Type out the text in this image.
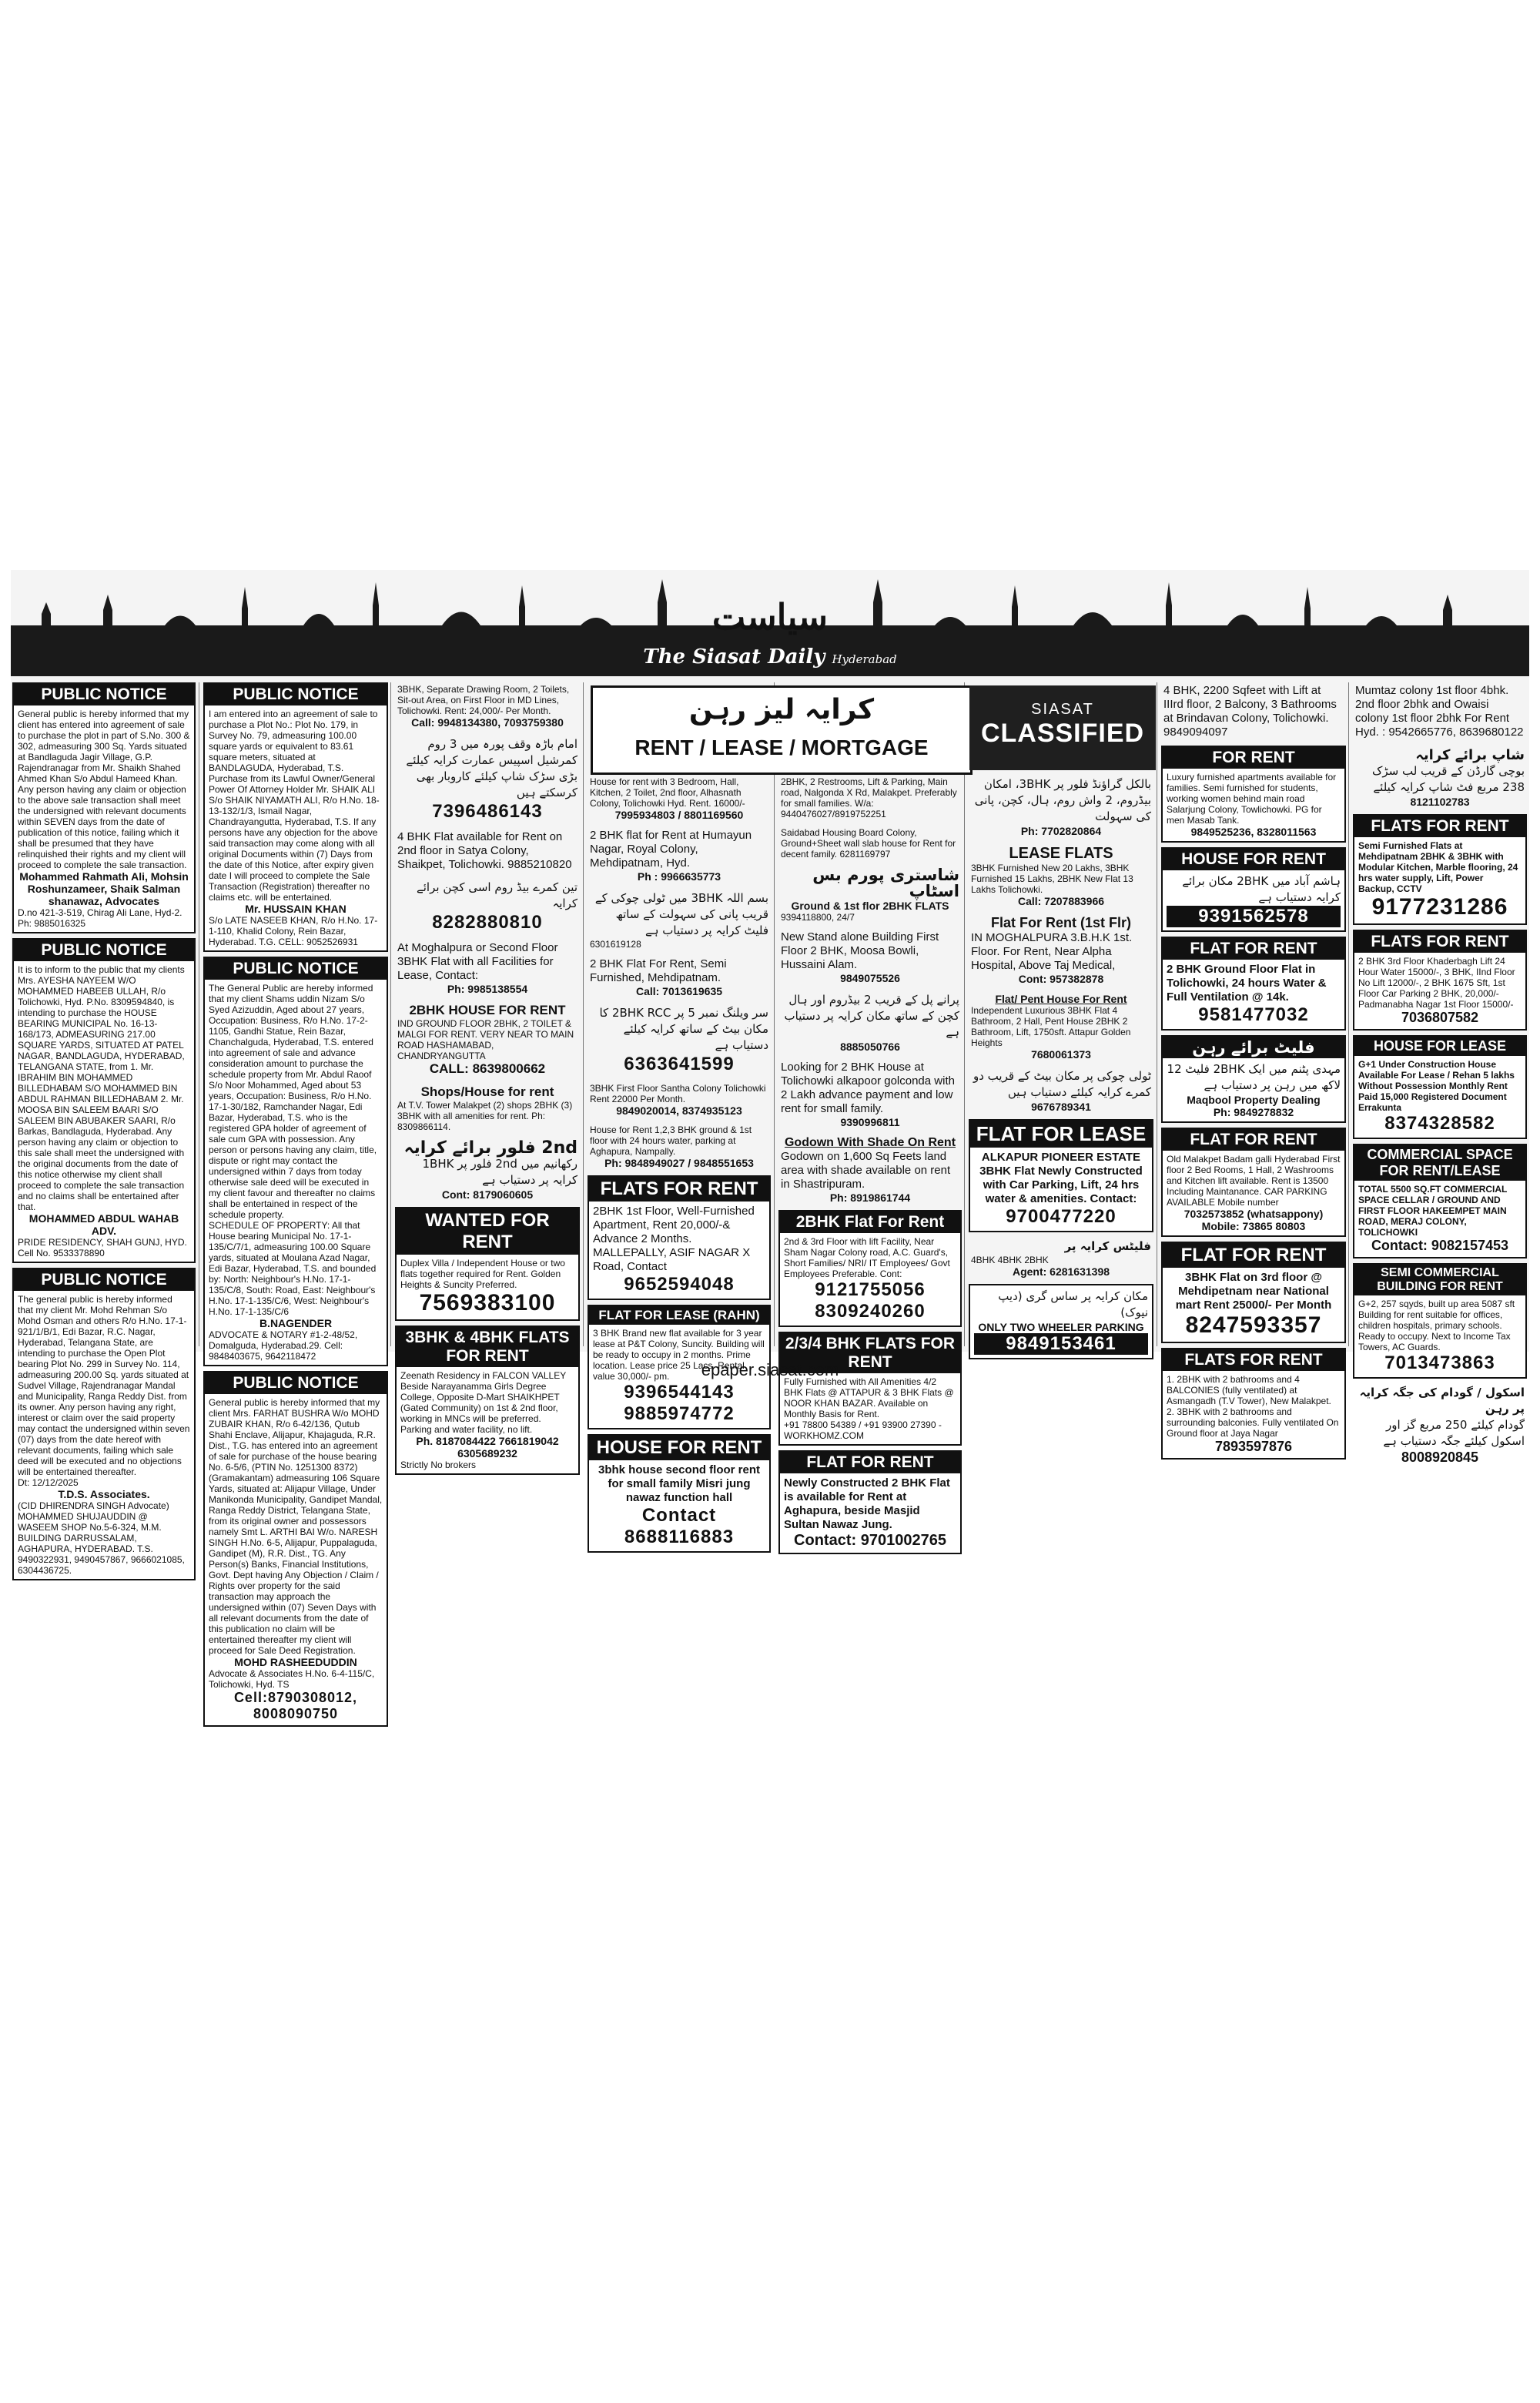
سیاست
The Siasat Daily Hyderabad
PUBLIC NOTICE
General public is hereby informed that my client has entered into agreement of sale to purchase the plot in part of S.No. 300 & 302, admeasuring 300 Sq. Yards situated at Bandlaguda Jagir Village, G.P. Rajendranagar from Mr. Shaikh Shahed Ahmed Khan S/o Abdul Hameed Khan. Any person having any claim or objection to the above sale transaction shall meet the undersigned with relevant documents within SEVEN days from the date of publication of this notice, failing which it shall be presumed that they have relinquished their rights and my client will proceed to complete the sale transaction.
Mohammed Rahmath Ali, Mohsin Roshunzameer, Shaik Salman shanawaz, Advocates
D.no 421-3-519, Chirag Ali Lane, Hyd-2. Ph: 9885016325
PUBLIC NOTICE
It is to inform to the public that my clients Mrs. AYESHA NAYEEM W/O MOHAMMED HABEEB ULLAH, R/o Tolichowki, Hyd. P.No. 8309594840, is intending to purchase the HOUSE BEARING MUNICIPAL No. 16-13-168/173, ADMEASURING 217.00 SQUARE YARDS, SITUATED AT PATEL NAGAR, BANDLAGUDA, HYDERABAD, TELANGANA STATE, from 1. Mr. IBRAHIM BIN MOHAMMED BILLEDHABAM S/O MOHAMMED BIN ABDUL RAHMAN BILLEDHABAM 2. Mr. MOOSA BIN SALEEM BAARI S/O SALEEM BIN ABUBAKER SAARI, R/o Barkas, Bandlaguda, Hyderabad. Any person having any claim or objection to this sale shall meet the undersigned with the original documents from the date of this notice otherwise my client shall proceed to complete the sale transaction and no claims shall be entertained after that.
MOHAMMED ABDUL WAHAB ADV.
PRIDE RESIDENCY, SHAH GUNJ, HYD. Cell No. 9533378890
PUBLIC NOTICE
The general public is hereby informed that my client Mr. Mohd Rehman S/o Mohd Osman and others R/o H.No. 17-1-921/1/B/1, Edi Bazar, R.C. Nagar, Hyderabad, Telangana State, are intending to purchase the Open Plot bearing Plot No. 299 in Survey No. 114, admeasuring 200.00 Sq. yards situated at Sudvel Village, Rajendranagar Mandal and Municipality, Ranga Reddy Dist. from its owner. Any person having any right, interest or claim over the said property may contact the undersigned within seven (07) days from the date hereof with relevant documents, failing which sale deed will be executed and no objections will be entertained thereafter.
Dt: 12/12/2025
T.D.S. Associates.
(CID DHIRENDRA SINGH Advocate) MOHAMMED SHUJAUDDIN @ WASEEM SHOP No.5-6-324, M.M. BUILDING DARRUSSALAM, AGHAPURA, HYDERABAD. T.S. 9490322931, 9490457867, 9666021085, 6304436725.
PUBLIC NOTICE
I am entered into an agreement of sale to purchase a Plot No.: Plot No. 179, in Survey No. 79, admeasuring 100.00 square yards or equivalent to 83.61 square meters, situated at BANDLAGUDA, Hyderabad, T.S. Purchase from its Lawful Owner/General Power Of Attorney Holder Mr. SHAIK ALI S/o SHAIK NIYAMATH ALI, R/o H.No. 18-13-132/1/3, Ismail Nagar, Chandrayangutta, Hyderabad, T.S. If any persons have any objection for the above said transaction may come along with all original Documents within (7) Days from the date of this Notice, after expiry given date I will proceed to complete the Sale Transaction (Registration) thereafter no claims etc. will be entertained.
Mr. HUSSAIN KHAN
S/o LATE NASEEB KHAN, R/o H.No. 17-1-110, Khalid Colony, Rein Bazar, Hyderabad. T.G. CELL: 9052526931
PUBLIC NOTICE
The General Public are hereby informed that my client Shams uddin Nizam S/o Syed Azizuddin, Aged about 27 years, Occupation: Business, R/o H.No. 17-2-1105, Gandhi Statue, Rein Bazar, Chanchalguda, Hyderabad, T.S. entered into agreement of sale and advance consideration amount to purchase the schedule property from Mr. Abdul Raoof S/o Noor Mohammed, Aged about 53 years, Occupation: Business, R/o H.No. 17-1-30/182, Ramchander Nagar, Edi Bazar, Hyderabad, T.S. who is the registered GPA holder of agreement of sale cum GPA with possession. Any person or persons having any claim, title, dispute or right may contact the undersigned within 7 days from today otherwise sale deed will be executed in my client favour and thereafter no claims shall be entertained in respect of the schedule property.
SCHEDULE OF PROPERTY: All that House bearing Municipal No. 17-1-135/C/7/1, admeasuring 100.00 Square yards, situated at Moulana Azad Nagar, Edi Bazar, Hyderabad, T.S. and bounded by: North: Neighbour's H.No. 17-1-135/C/8, South: Road, East: Neighbour's H.No. 17-1-135/C/6, West: Neighbour's H.No. 17-1-135/C/6
B.NAGENDER
ADVOCATE & NOTARY #1-2-48/52, Domalguda, Hyderabad.29. Cell: 9848403675, 9642118472
PUBLIC NOTICE
General public is hereby informed that my client Mrs. FARHAT BUSHRA W/o MOHD ZUBAIR KHAN, R/o 6-42/136, Qutub Shahi Enclave, Alijapur, Khajaguda, R.R. Dist., T.G. has entered into an agreement of sale for purchase of the house bearing No. 6-5/6, (PTIN No. 1251300 8372) (Gramakantam) admeasuring 106 Square Yards, situated at: Alijapur Village, Under Manikonda Municipality, Gandipet Mandal, Ranga Reddy District, Telangana State, from its original owner and possessors namely Smt L. ARTHI BAI W/o. NARESH SINGH H.No. 6-5, Alijapur, Puppalaguda, Gandipet (M), R.R. Dist., TG. Any Person(s) Banks, Financial Institutions, Govt. Dept having Any Objection / Claim / Rights over property for the said transaction may approach the undersigned within (07) Seven Days with all relevant documents from the date of this publication no claim will be entertained thereafter my client will proceed for Sale Deed Registration.
MOHD RASHEEDUDDIN
Advocate & Associates H.No. 6-4-115/C, Tolichowki, Hyd. TS
Cell:8790308012, 8008090750
3BHK, Separate Drawing Room, 2 Toilets, Sit-out Area, on First Floor in MD Lines, Tolichowki. Rent: 24,000/- Per Month.
Call: 9948134380, 7093759380
امام باڑہ وقف پورہ میں 3 روم کمرشیل اسپیس عمارت کرایہ کیلئے بڑی سڑک شاپ کیلئے کاروبار بھی کرسکتے ہیں
7396486143
4 BHK Flat available for Rent on 2nd floor in Satya Colony, Shaikpet, Tolichowki. 9885210820
تین کمرے بیڈ روم اسی کچن برائے کرایہ
8282880810
At Moghalpura or Second Floor 3BHK Flat with all Facilities for Lease, Contact:
Ph: 9985138554
2BHK HOUSE FOR RENT
IND GROUND FLOOR 2BHK, 2 TOILET & MALGI FOR RENT. VERY NEAR TO MAIN ROAD HASHAMABAD, CHANDRYANGUTTA
CALL: 8639800662
Shops/House for rent
At T.V. Tower Malakpet (2) shops 2BHK (3) 3BHK with all amenities for rent. Ph: 8309866114.
2nd فلور برائے کرایہ
رکھانیم میں 2nd فلور پر 1BHK کرایہ پر دستیاب ہے
Cont: 8179060605
WANTED FOR RENT
Duplex Villa / Independent House or two flats together required for Rent. Golden Heights & Suncity Preferred.
7569383100
3BHK & 4BHK FLATS FOR RENT
Zeenath Residency in FALCON VALLEY Beside Narayanamma Girls Degree College, Opposite D-Mart SHAIKHPET (Gated Community) on 1st & 2nd floor, working in MNCs will be preferred. Parking and water facility, no lift.
Ph. 8187084422 7661819042 6305689232
Strictly No brokers
کرایہ لیز رہن
RENT / LEASE / MORTGAGE
SIASAT
CLASSIFIED
House for rent with 3 Bedroom, Hall, Kitchen, 2 Toilet, 2nd floor, Alhasnath Colony, Tolichowki Hyd. Rent. 16000/-
7995934803 / 8801169560
2 BHK flat for Rent at Humayun Nagar, Royal Colony, Mehdipatnam, Hyd.
Ph : 9966635773
بسم اللہ 3BHK میں ٹولی چوکی کے قریب پانی کی سہولت کے ساتھ فلیٹ کرایہ پر دستیاب ہے
6301619128
2 BHK Flat For Rent, Semi Furnished, Mehdipatnam.
Call: 7013619635
سر ویلنگ نمبر 5 پر 2BHK RCC کا مکان بیٹ کے ساتھ کرایہ کیلئے دستیاب ہے
6363641599
3BHK First Floor Santha Colony Tolichowki Rent 22000 Per Month.
9849020014, 8374935123
House for Rent 1,2,3 BHK ground & 1st floor with 24 hours water, parking at Aghapura, Nampally.
Ph: 9848949027 / 9848551653
FLATS FOR RENT
2BHK 1st Floor, Well-Furnished Apartment, Rent 20,000/-& Advance 2 Months. MALLEPALLY, ASIF NAGAR X Road, Contact
9652594048
FLAT FOR LEASE (RAHN)
3 BHK Brand new flat available for 3 year lease at P&T Colony, Suncity. Building will be ready to occupy in 2 months. Prime location. Lease price 25 Lacs. Rental value 30,000/- pm.
9396544143 9885974772
HOUSE FOR RENT
3bhk house second floor rent for small family Misri jung nawaz function hall
Contact 8688116883
2BHK, 2 Restrooms, Lift & Parking, Main road, Nalgonda X Rd, Malakpet. Preferably for small families. W/a: 9440476027/8919752251
Saidabad Housing Board Colony, Ground+Sheet wall slab house for Rent for decent family. 6281169797
شاستری پورم بس اسٹاپ
Ground & 1st flor 2BHK FLATS
9394118800, 24/7
New Stand alone Building First Floor 2 BHK, Moosa Bowli, Hussaini Alam.
9849075526
پرانے پل کے قریب 2 بیڈروم اور ہال کچن کے ساتھ مکان کرایہ پر دستیاب ہے
8885050766
Looking for 2 BHK House at Tolichowki alkapoor golconda with 2 Lakh advance payment and low rent for small family.
9390996811
Godown With Shade On Rent
Godown on 1,600 Sq Feets land area with shade available on rent in Shastripuram.
Ph: 8919861744
2BHK Flat For Rent
2nd & 3rd Floor with lift Facility, Near Sham Nagar Colony road, A.C. Guard's, Short Families/ NRI/ IT Employees/ Govt Employees Preferable. Cont:
9121755056 8309240260
2/3/4 BHK FLATS FOR RENT
Fully Furnished with All Amenities 4/2 BHK Flats @ ATTAPUR & 3 BHK Flats @ NOOR KHAN BAZAR. Available on Monthly Basis for Rent.
+91 78800 54389 / +91 93900 27390 - WORKHOMZ.COM
FLAT FOR RENT
Newly Constructed 2 BHK Flat is available for Rent at Aghapura, beside Masjid Sultan Nawaz Jung.
Contact: 9701002765
بالکل گراؤنڈ فلور پر 3BHK، امکان بیڈروم، 2 واش روم، ہال، کچن، پانی کی سہولت
Ph: 7702820864
LEASE FLATS
3BHK Furnished New 20 Lakhs, 3BHK Furnished 15 Lakhs, 2BHK New Flat 13 Lakhs Tolichowki.
Call: 7207883966
Flat For Rent (1st Flr)
IN MOGHALPURA 3.B.H.K 1st. Floor. For Rent, Near Alpha Hospital, Above Taj Medical,
Cont: 957382878
Flat/ Pent House For Rent
Independent Luxurious 3BHK Flat 4 Bathroom, 2 Hall, Pent House 2BHK 2 Bathroom, Lift, 1750sft. Attapur Golden Heights
7680061373
ٹولی چوکی پر مکان بیٹ کے قریب دو کمرے کرایہ کیلئے دستیاب ہیں
9676789341
FLAT FOR LEASE
ALKAPUR PIONEER ESTATE 3BHK Flat Newly Constructed with Car Parking, Lift, 24 hrs water & amenities. Contact:
9700477220
فلیٹس کرایہ پر
4BHK 4BHK 2BHK
Agent: 6281631398
مکان کرایہ پر ساس گری (دیپ نیوک)
ONLY TWO WHEELER PARKING
9849153461
4 BHK, 2200 Sqfeet with Lift at IIIrd floor, 2 Balcony, 3 Bathrooms at Brindavan Colony, Tolichowki. 9849094097
FOR RENT
Luxury furnished apartments available for families. Semi furnished for students, working women behind main road Salarjung Colony, Towlichowki. PG for men Masab Tank.
9849525236, 8328011563
HOUSE FOR RENT
ہاشم آباد میں 2BHK مکان برائے کرایہ دستیاب ہے
9391562578
FLAT FOR RENT
2 BHK Ground Floor Flat in Tolichowki, 24 hours Water & Full Ventilation @ 14k.
9581477032
فلیٹ برائے رہن
مہدی پٹنم میں ایک 2BHK فلیٹ 12 لاکھ میں رہن پر دستیاب ہے
Maqbool Property Dealing
Ph: 9849278832
FLAT FOR RENT
Old Malakpet Badam galli Hyderabad First floor 2 Bed Rooms, 1 Hall, 2 Washrooms and Kitchen lift available. Rent is 13500 Including Maintanance. CAR PARKING AVAILABLE Mobile number
7032573852 (whatsappony) Mobile: 73865 80803
FLAT FOR RENT
3BHK Flat on 3rd floor @ Mehdipetnam near National mart Rent 25000/- Per Month
8247593357
FLATS FOR RENT
1. 2BHK with 2 bathrooms and 4 BALCONIES (fully ventilated) at Asmangadh (T.V Tower), New Malakpet. 2. 3BHK with 2 bathrooms and surrounding balconies. Fully ventilated On Ground floor at Jaya Nagar
7893597876
Mumtaz colony 1st floor 4bhk. 2nd floor 2bhk and Owaisi colony 1st floor 2bhk For Rent Hyd. : 9542665776, 8639680122
شاپ برائے کرایہ
بوچی گارڈن کے قریب لب سڑک 238 مربع فٹ شاپ کرایہ کیلئے
8121102783
FLATS FOR RENT
Semi Furnished Flats at Mehdipatnam 2BHK & 3BHK with Modular Kitchen, Marble flooring, 24 hrs water supply, Lift, Power Backup, CCTV
9177231286
FLATS FOR RENT
2 BHK 3rd Floor Khaderbagh Lift 24 Hour Water 15000/-, 3 BHK, IInd Floor No Lift 12000/-, 2 BHK 1675 Sft, 1st Floor Car Parking 2 BHK, 20,000/- Padmanabha Nagar 1st Floor 15000/-
7036807582
HOUSE FOR LEASE
G+1 Under Construction House Available For Lease / Rehan 5 lakhs Without Possession Monthly Rent Paid 15,000 Registered Document Errakunta
8374328582
COMMERCIAL SPACE FOR RENT/LEASE
TOTAL 5500 SQ.FT COMMERCIAL SPACE CELLAR / GROUND AND FIRST FLOOR HAKEEMPET MAIN ROAD, MERAJ COLONY, TOLICHOWKI
Contact: 9082157453
SEMI COMMERCIAL BUILDING FOR RENT
G+2, 257 sqyds, built up area 5087 sft Building for rent suitable for offices, children hospitals, primary schools. Ready to occupy. Next to Income Tax Towers, AC Guards.
7013473863
اسکول / گودام کی جگہ کرایہ پر رہن
گودام کیلئے 250 مربع گز اور اسکول کیلئے جگہ دستیاب ہے
8008920845
epaper.siasat.com
